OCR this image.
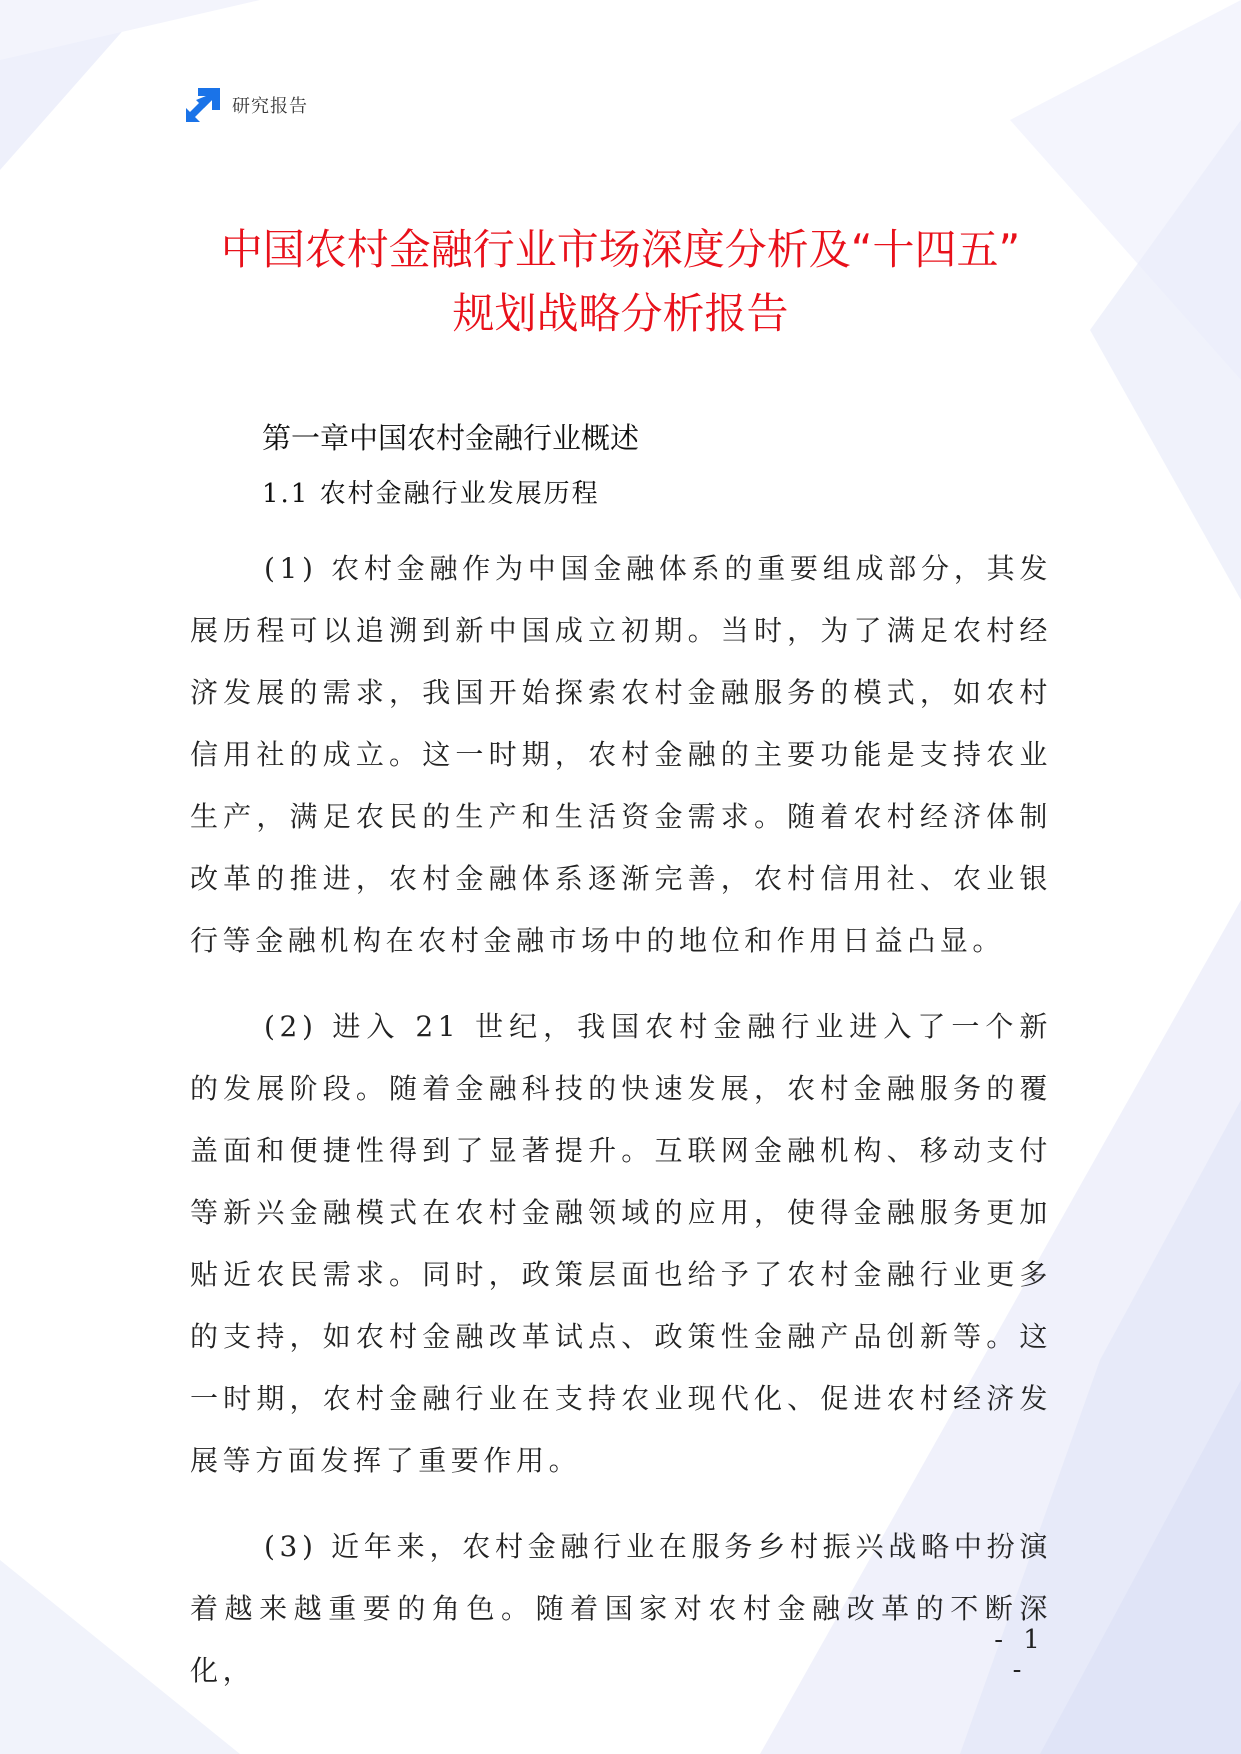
研究报告
中国农村金融行业市场深度分析及“十四五”
规划战略分析报告
第一章中国农村金融行业概述
1.1 农村金融行业发展历程

(1) 农村金融作为中国金融体系的重要组成部分，其发展历程可以追溯到新中国成立初期。当时，为了满足农村经济发展的需求，我国开始探索农村金融服务的模式，如农村信用社的成立。这一时期，农村金融的主要功能是支持农业生产，满足农民的生产和生活资金需求。随着农村经济体制改革的推进，农村金融体系逐渐完善，农村信用社、农业银行等金融机构在农村金融市场中的地位和作用日益凸显。

(2) 进入 21 世纪，我国农村金融行业进入了一个新的发展阶段。随着金融科技的快速发展，农村金融服务的覆盖面和便捷性得到了显著提升。互联网金融机构、移动支付等新兴金融模式在农村金融领域的应用，使得金融服务更加贴近农民需求。同时，政策层面也给予了农村金融行业更多的支持，如农村金融改革试点、政策性金融产品创新等。这一时期，农村金融行业在支持农业现代化、促进农村经济发展等方面发挥了重要作用。

(3) 近年来，农村金融行业在服务乡村振兴战略中扮演着越来越重要的角色。随着国家对农村金融改革的不断深化，

- 1 -
